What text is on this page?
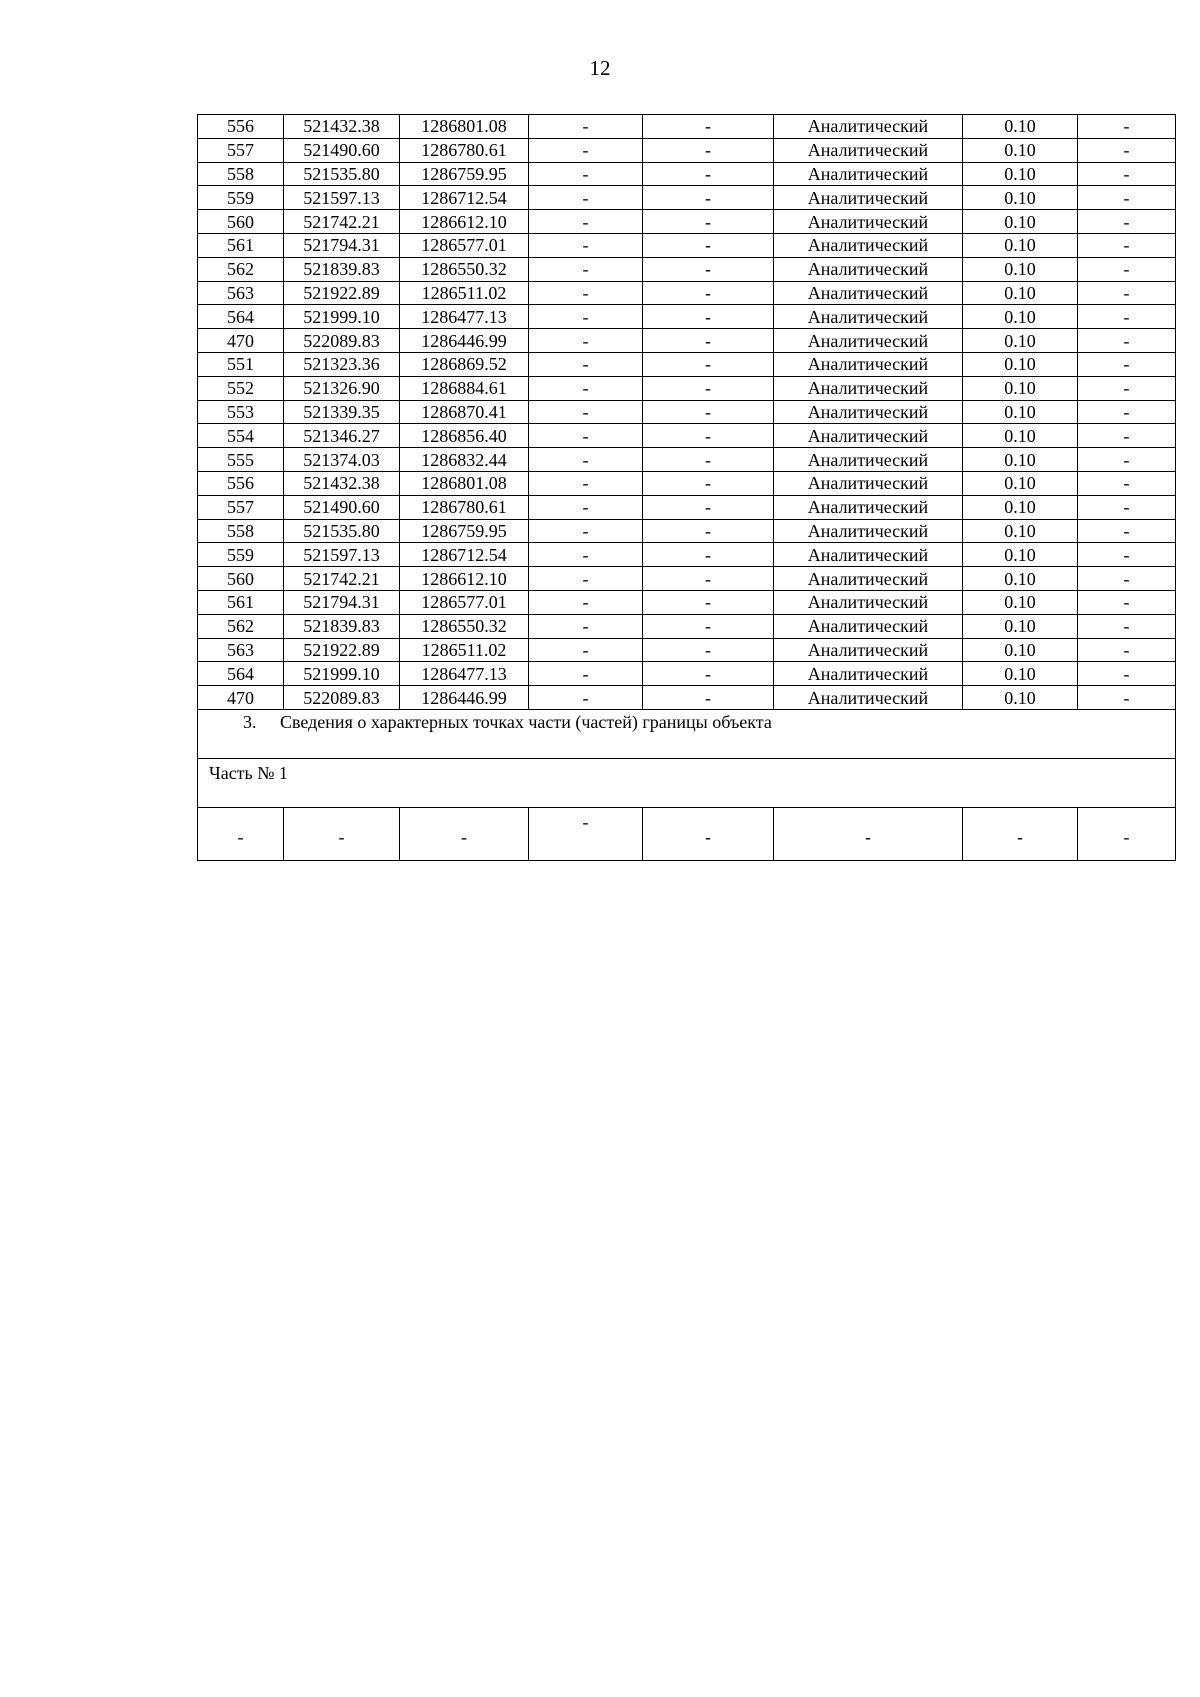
12
556	521432.38	1286801.08	-	-	Аналитический	0.10	-
557	521490.60	1286780.61	-	-	Аналитический	0.10	-
558	521535.80	1286759.95	-	-	Аналитический	0.10	-
559	521597.13	1286712.54	-	-	Аналитический	0.10	-
560	521742.21	1286612.10	-	-	Аналитический	0.10	-
561	521794.31	1286577.01	-	-	Аналитический	0.10	-
562	521839.83	1286550.32	-	-	Аналитический	0.10	-
563	521922.89	1286511.02	-	-	Аналитический	0.10	-
564	521999.10	1286477.13	-	-	Аналитический	0.10	-
470	522089.83	1286446.99	-	-	Аналитический	0.10	-
551	521323.36	1286869.52	-	-	Аналитический	0.10	-
552	521326.90	1286884.61	-	-	Аналитический	0.10	-
553	521339.35	1286870.41	-	-	Аналитический	0.10	-
554	521346.27	1286856.40	-	-	Аналитический	0.10	-
555	521374.03	1286832.44	-	-	Аналитический	0.10	-
556	521432.38	1286801.08	-	-	Аналитический	0.10	-
557	521490.60	1286780.61	-	-	Аналитический	0.10	-
558	521535.80	1286759.95	-	-	Аналитический	0.10	-
559	521597.13	1286712.54	-	-	Аналитический	0.10	-
560	521742.21	1286612.10	-	-	Аналитический	0.10	-
561	521794.31	1286577.01	-	-	Аналитический	0.10	-
562	521839.83	1286550.32	-	-	Аналитический	0.10	-
563	521922.89	1286511.02	-	-	Аналитический	0.10	-
564	521999.10	1286477.13	-	-	Аналитический	0.10	-
470	522089.83	1286446.99	-	-	Аналитический	0.10	-
3. Сведения о характерных точках части (частей) границы объекта							
Часть № 1							
-	-	-	-	-	-	-	-
